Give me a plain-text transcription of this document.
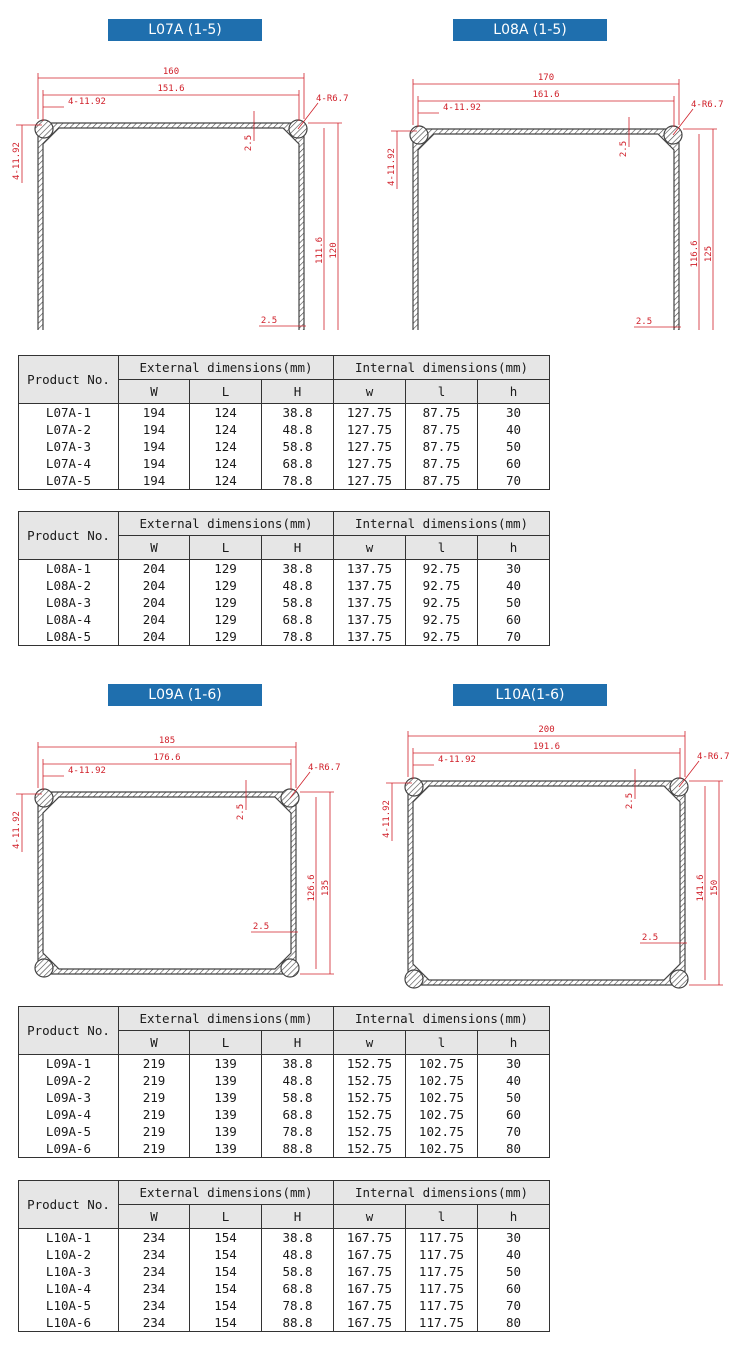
L07A (1-5)	L08A (1-5)
L09A (1-6)	L10A(1-6)
160
151.6
4-11.92	4-R6.7
111.6 120
4-11.92	2.5
2.5
170
161.6
4-11.92	4-R6.7
116.6 125
4-11.92	2.5
2.5
185
176.6
4-11.92	4-R6.7
126.6 135
4-11.92	2.5
2.5
200
191.6
4-11.92	4-R6.7
141.6 150
4-11.92	2.5
2.5
Product No.	External dimensions(mm)			Internal dimensions(mm)		
	W	L	H	w	l	h
L07A-1	194	124	38.8	127.75	87.75	30
L07A-2	194	124	48.8	127.75	87.75	40
L07A-3	194	124	58.8	127.75	87.75	50
L07A-4	194	124	68.8	127.75	87.75	60
L07A-5	194	124	78.8	127.75	87.75	70
Product No.	External dimensions(mm)			Internal dimensions(mm)		
	W	L	H	w	l	h
L08A-1	204	129	38.8	137.75	92.75	30
L08A-2	204	129	48.8	137.75	92.75	40
L08A-3	204	129	58.8	137.75	92.75	50
L08A-4	204	129	68.8	137.75	92.75	60
L08A-5	204	129	78.8	137.75	92.75	70
Product No.	External dimensions(mm)			Internal dimensions(mm)		
	W	L	H	w	l	h
L09A-1	219	139	38.8	152.75	102.75	30
L09A-2	219	139	48.8	152.75	102.75	40
L09A-3	219	139	58.8	152.75	102.75	50
L09A-4	219	139	68.8	152.75	102.75	60
L09A-5	219	139	78.8	152.75	102.75	70
L09A-6	219	139	88.8	152.75	102.75	80
Product No.	External dimensions(mm)			Internal dimensions(mm)		
	W	L	H	w	l	h
L10A-1	234	154	38.8	167.75	117.75	30
L10A-2	234	154	48.8	167.75	117.75	40
L10A-3	234	154	58.8	167.75	117.75	50
L10A-4	234	154	68.8	167.75	117.75	60
L10A-5	234	154	78.8	167.75	117.75	70
L10A-6	234	154	88.8	167.75	117.75	80
